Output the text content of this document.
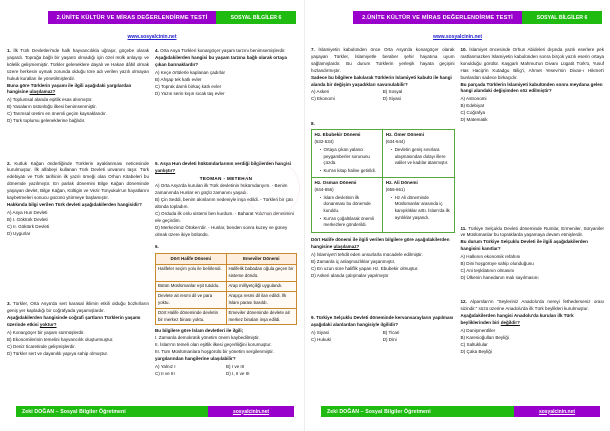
2.ÜNİTE KÜLTÜR VE MİRAS DEĞERLENDİRME TESTİ	SOSYAL BİLGİLER 6
www.sosyalcinin.net
1. İlk Türk Devletleri'nde halk hayvancılıkla uğraşır, göçebe olarak yaşardı. Toprağa bağlı bir yaşantı olmadığı için özel mülk anlayışı ve kölelik gelişmemiştir. Türkler geleneklere dayalı ve Hakan dâhil olmak üzere herkesin uymak zorunda olduğu töre adı verilen yazılı olmayan hukuk kuralları ile yönetilmişlerdir.
Buna göre Türklerin yaşamı ile ilgili aşağıdaki yargılardan hangisine ulaşılamaz?
A) Toplumsal alanda eşitlik esas alınmıştır.
B) Yasaların üstünlüğü ilkesi benimsenmiştir.
C) Tarımsal üretim en önemli geçim kaynaklarıdır.
D) Türk toplumu geleneklerine bağlıdır.
2. Kutluk Kağan önderliğinde Türklerin ayaklanması neticesinde kurulmuştur. İlk alfabeyi kullanan Türk Devleti unvanını taşır. Türk edebiyatı ve Türk tarihinin ilk yazılı örneği olan Orhun Kitabeleri bu dönemde yazılmıştır. En parlak dönemini Bilge Kağan döneminde yaşayan devlet, Bilge Kağan, Kültigin ve Vezir Tonyukuk'un hayatlarını kaybetmeleri sonucu gücünü yitirmeye başlamıştır.
Hakkında bilgi verilen Türk devleti aşağıdakilerden hangisidir?
A) Asya Hun Devleti
B) I. Göktürk Devleti
C) II. Göktürk Devleti
D) Uygurlar
3. Türkler, Orta Asya'da sert karasal iklimin etkili olduğu bozkırların geniş yer kapladığı bir coğrafyada yaşamışlardır.
Aşağıdakilerden hangisinde coğrafi şartların Türklerin yaşamı üzerinde etkisi yoktur?
A) Konargöçer bir yaşam sürmüşlerdir.
B) Ekonomilerinin temelini hayvancılık oluşturmuştur.
C) Deniz ticaretinde gelişmişlerdir.
D) Türkler sert ve dayanıklı yapıya sahip olmuştur.
4. Orta Asya Türkleri konargöçer yaşam tarzını benimsemişlerdir.
Aşağıdakilerden hangisi bu yaşam tarzına bağlı olarak ortaya çıkan barınaklardır?
A) Keçe örtülerle kaplanan çadırlar
B) Ahşap tek katlı evler
C) Toprak damlı birkaç katlı evler
D) Yazın serin kışın sıcak taş evler
5. Asya Hun devleti hükümdarlarının verdiği bilgilerden hangisi yanlıştır?
TEOMAN - METEHAN
A) Orta Asya'da kurulan ilk Türk devletinin hükümdarıyım. - Benim zamanımda Hunlar en güçlü zamanını yaşadı.
B) Çin Seddi, benim akınlarım nedeniyle inşa edildi. - Türkleri bir çatı altında topladım.
C) Orduda ilk onlu sistemi ben kurdum. - Baharat Yolu'nun denetimini ele geçirdim.
D) Merkezimiz Ötüken'dir. - Hunlar, benden sonra kuzey ve güney olmak üzere ikiye bölündü.
6.
Dört Halife Dönemi	Emeviler Dönemi
Halifeler seçim yolu ile belirlendi.	Halifelik babadan oğula geçen bir sisteme döndü.
Bütün Müslümanlar eşit tutuldu.	Arap milliyetçiliği uygulandı.
Devlete ait resmi dil ve para yoktu.	Arapça resmi dil ilan edildi. İlk İslam parası basıldı.
Dört Halife döneminde devletin bir merkez binası yoktu.	Emeviler döneminde devlete ait merkez binaları inşa edildi.
Bu bilgilere göre İslam devletleri ile ilgili;
I. Zamanla demokratik yönetim önem kaybedilmiştir.
II. İslam'ın temeli olan eşitlik ilkesi geçerliliğini korumuştur.
III. Tüm Müslümanlara hoşgörülü bir yönetim sergilenmiştir.
yargılarından hangilerine ulaşılabilir?
A) Yalnız I	B) I ve III
C) II ve III	D) I, II ve III
Zeki DOĞAN – Sosyal Bilgiler Öğretmeni	sosyalcinin.net
2.ÜNİTE KÜLTÜR VE MİRAS DEĞERLENDİRME TESTİ	SOSYAL BİLGİLER 6
www.sosyalcinin.net
7. İslamiyetin kabulünden önce Orta Asya'da konargöçer olarak yaşayan Türkler, İslamiyetle beraber şehir hayatına uyum sağlamışlardır. Bu durum Türklerin yerleşik hayata geçişini hızlandırmıştır.
Sadece bu bilgilere bakılarak Türklerin İslamiyeti kabulü ile hangi alanda bir değişim yaşadıkları savunulabilir?
A) Askeri	B) Sosyal
C) Ekonomi	D) Siyasi
8.
Hz. Ebubekir Dönemi
(632-634)
Ortaya çıkan yalancı peygamberler sorununu çözdü.
Kur'an kitap haline getirildi.

Hz. Ömer Dönemi
(634-644)
Devletin geniş sınırlara ulaşmasından dolayı illere valiler ve kadılar atanmıştır.

Hz. Osman Dönemi
(644-656)
İslam devletinin ilk donanması bu dönemde kuruldu.
Kur'an çoğaltılarak önemli merkezlere gönderildi.

Hz. Ali Dönemi
(656-661)
Hz Ali döneminde Müslümanlar arasında iç karışıklıklar arttı. İslam'da ilk ayrılıklar yaşandı.
Dört Halife dönemi ile ilgili verilen bilgilere göre aşağıdakilerden hangisine ulaşılamaz?
A) İslamiyet'i tehdit eden unsurlarla mücadele edilmiştir.
B) Zamanla iç anlaşmazlıklar yaşanmıştır.
C) En uzun süre haliflik yapan Hz. Ebubekir olmuştur.
D) Askeri alanda çalışmalar yapılmıştır
9. Türkiye Selçuklu Devleti döneminde kervansarayların yapılması aşağıdaki alanlardan hangisiyle ilgilidir?
A) Siyasi	B) Ticari
C) Hukuki	D) Dini
10. İslamiyet öncesinde Orhun Abideleri dışında yazılı eserlere pek rastlanmazken İslamiyetin kabulünden sonra birçok yazılı eserin ortaya konulduğu görülür. Kaşgarlı Mahmut'un Divanı Lügatit Türk'ü, Yusuf Has Hacip'in Kutadgu Bilig'i, Ahmet Yesevi'nin Divan-ı Hikmet'i bunlardan sadece birkaçıdır.
Bu parçada Türklerin İslamiyeti kabulünden sonra meydana gelen hangi alandaki değişimden söz edilmiştir?
A) Astronomi
B) Edebiyat
C) Coğrafya
D) Matematik
11. Türkiye Selçuklu Devleti döneminde Rumlar, Ermeniler, Süryaniler ve Müslümanlar bu topraklarda yaşamaya devam etmişlerdir.
Bu durum Türkiye Selçuklu Devleti ile ilgili aşağıdakilerden hangisini kanıtlar?
A) Halkının ekonomik refahını
B) Dini hoşgörüye sahip olunduğunu
C) Ani teşkilatının olmasını
D) Ülkenin hanedanın malı sayılmasını
12. Alparslan'ın "Seyleriniz Anadolu'da nereyi fethederseniz orası sizindir." sözü üzerine Anadolu'da ilk Türk beylikleri kurulmuştur.
Aşağıdakilerden hangisi Anadolu'da kurulan ilk Türk beyliklerinden biri değildir?
A) Danişmentliler
B) Karesioğulları Beyliği
C) Saltuklular
D) Çaka Beyliği
Zeki DOĞAN – Sosyal Bilgiler Öğretmeni	sosyalcinin.net
